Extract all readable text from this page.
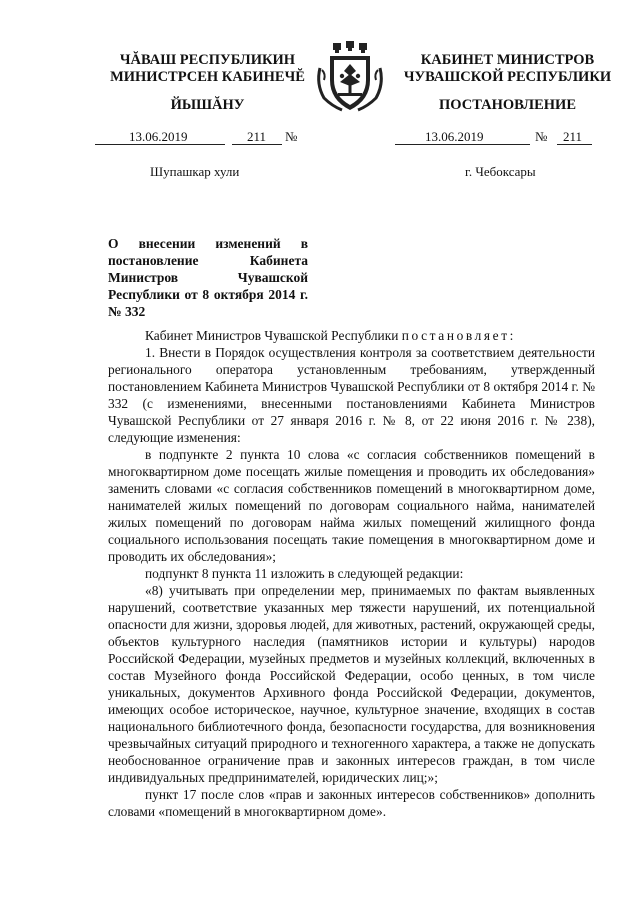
ЧĂВАШ РЕСПУБЛИКИН
МИНИСТРСЕН КАБИНЕЧĔ
ЙЫШĂНУ
КАБИНЕТ МИНИСТРОВ
ЧУВАШСКОЙ РЕСПУБЛИКИ
ПОСТАНОВЛЕНИЕ
13.06.2019	211 №	13.06.2019	№ 211
Шупашкар хули	г. Чебоксары
О внесении изменений в постановление Кабинета Министров Чувашской Республики от 8 октября 2014 г. № 332

Кабинет Министров Чувашской Республики постановляет:

1. Внести в Порядок осуществления контроля за соответствием деятельности регионального оператора установленным требованиям, утвержденный постановлением Кабинета Министров Чувашской Республики от 8 октября 2014 г. № 332 (с изменениями, внесенными постановлениями Кабинета Министров Чувашской Республики от 27 января 2016 г. № 8, от 22 июня 2016 г. № 238), следующие изменения:

в подпункте 2 пункта 10 слова «с согласия собственников помещений в многоквартирном доме посещать жилые помещения и проводить их обследования» заменить словами «с согласия собственников помещений в многоквартирном доме, нанимателей жилых помещений по договорам социального найма, нанимателей жилых помещений по договорам найма жилых помещений жилищного фонда социального использования посещать такие помещения в многоквартирном доме и проводить их обследования»;

подпункт 8 пункта 11 изложить в следующей редакции:

«8) учитывать при определении мер, принимаемых по фактам выявленных нарушений, соответствие указанных мер тяжести нарушений, их потенциальной опасности для жизни, здоровья людей, для животных, растений, окружающей среды, объектов культурного наследия (памятников истории и культуры) народов Российской Федерации, музейных предметов и музейных коллекций, включенных в состав Музейного фонда Российской Федерации, особо ценных, в том числе уникальных, документов Архивного фонда Российской Федерации, документов, имеющих особое историческое, научное, культурное значение, входящих в состав национального библиотечного фонда, безопасности государства, для возникновения чрезвычайных ситуаций природного и техногенного характера, а также не допускать необоснованное ограничение прав и законных интересов граждан, в том числе индивидуальных предпринимателей, юридических лиц;»;

пункт 17 после слов «прав и законных интересов собственников» дополнить словами «помещений в многоквартирном доме».
